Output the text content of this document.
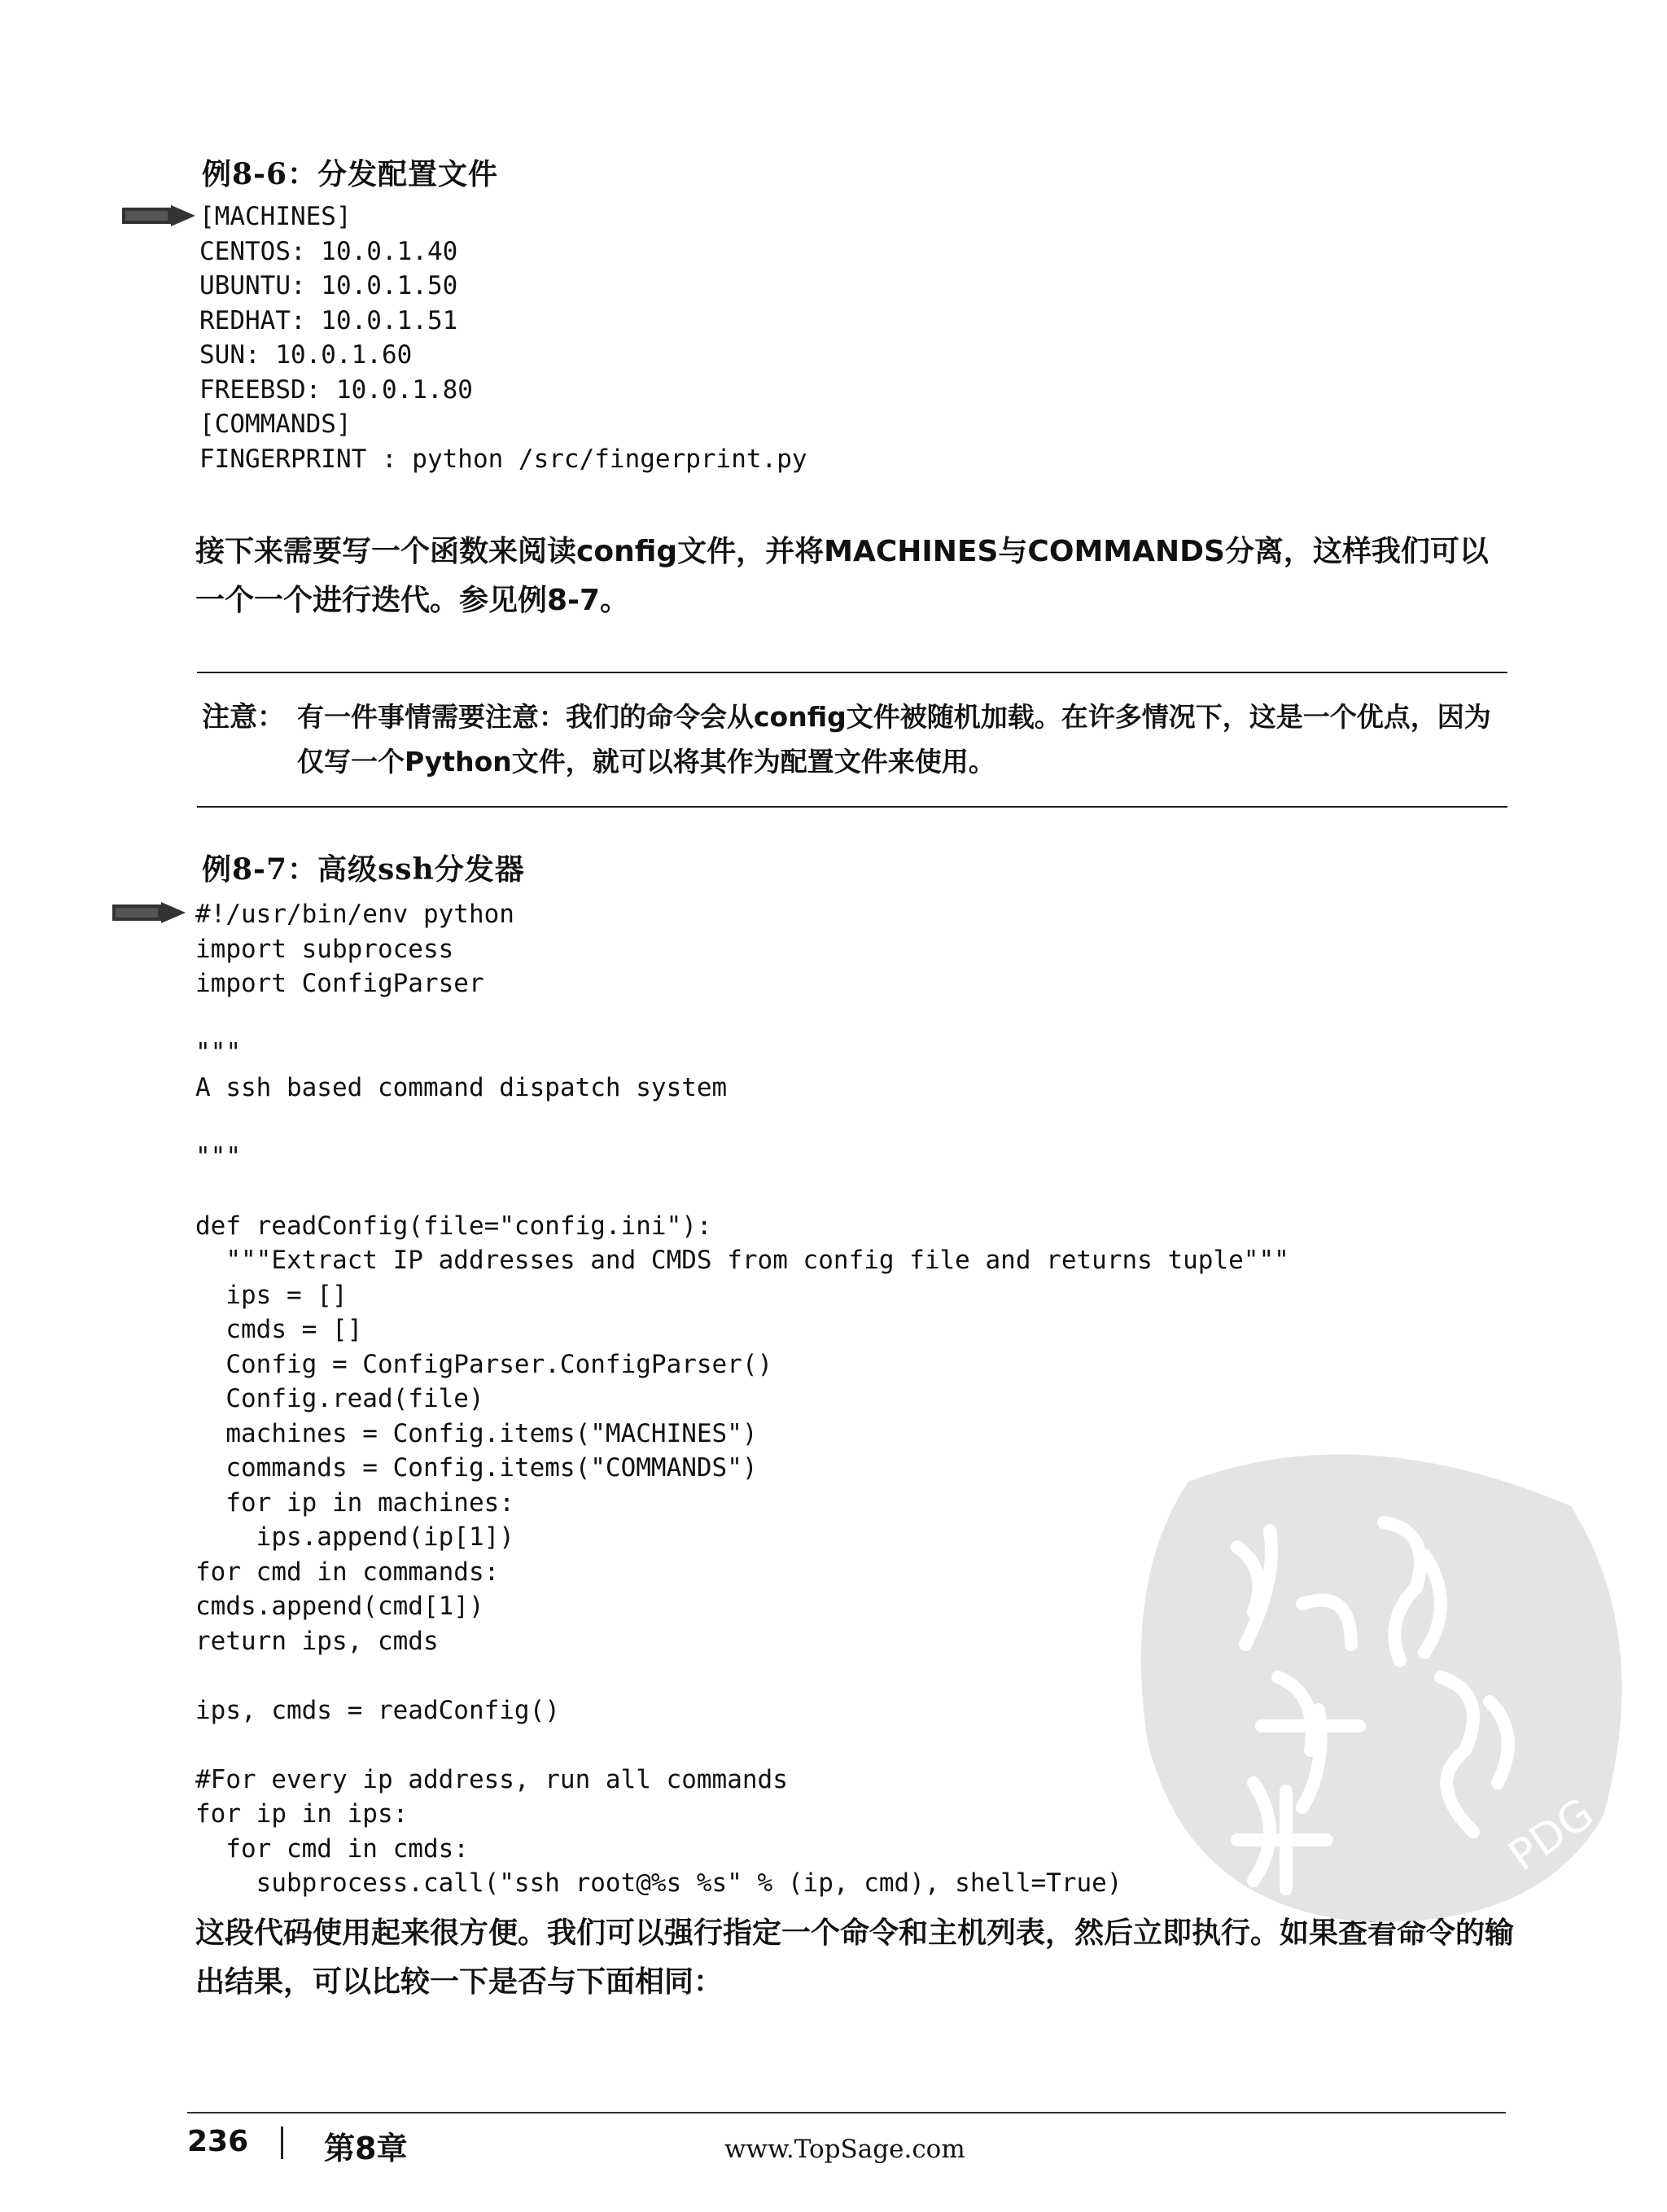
例8-6：分发配置文件
[MACHINES]
CENTOS: 10.0.1.40
UBUNTU: 10.0.1.50
REDHAT: 10.0.1.51
SUN: 10.0.1.60
FREEBSD: 10.0.1.80
[COMMANDS]
FINGERPRINT : python /src/fingerprint.py
接下来需要写一个函数来阅读config文件，并将MACHINES与COMMANDS分离，这样我们可以一个一个进行迭代。参见例8-7。
注意： 有一件事情需要注意：我们的命令会从config文件被随机加载。在许多情况下，这是一个优点，因为仅写一个Python文件，就可以将其作为配置文件来使用。
例8-7：高级ssh分发器
#!/usr/bin/env python
import subprocess
import ConfigParser

"""
A ssh based command dispatch system

"""

def readConfig(file="config.ini"):
"""Extract IP addresses and CMDS from config file and returns tuple"""
ips = []
cmds = []
Config = ConfigParser.ConfigParser()
Config.read(file)
machines = Config.items("MACHINES")
commands = Config.items("COMMANDS")
for ip in machines:
ips.append(ip[1])
for cmd in commands:
cmds.append(cmd[1])
return ips, cmds

ips, cmds = readConfig()

#For every ip address, run all commands
for ip in ips:
for cmd in cmds:
subprocess.call("ssh root@%s %s" % (ip, cmd), shell=True)
这段代码使用起来很方便。我们可以强行指定一个命令和主机列表，然后立即执行。如果查看命令的输出结果，可以比较一下是否与下面相同：
PDG
236 第8章	www.TopSage.com
